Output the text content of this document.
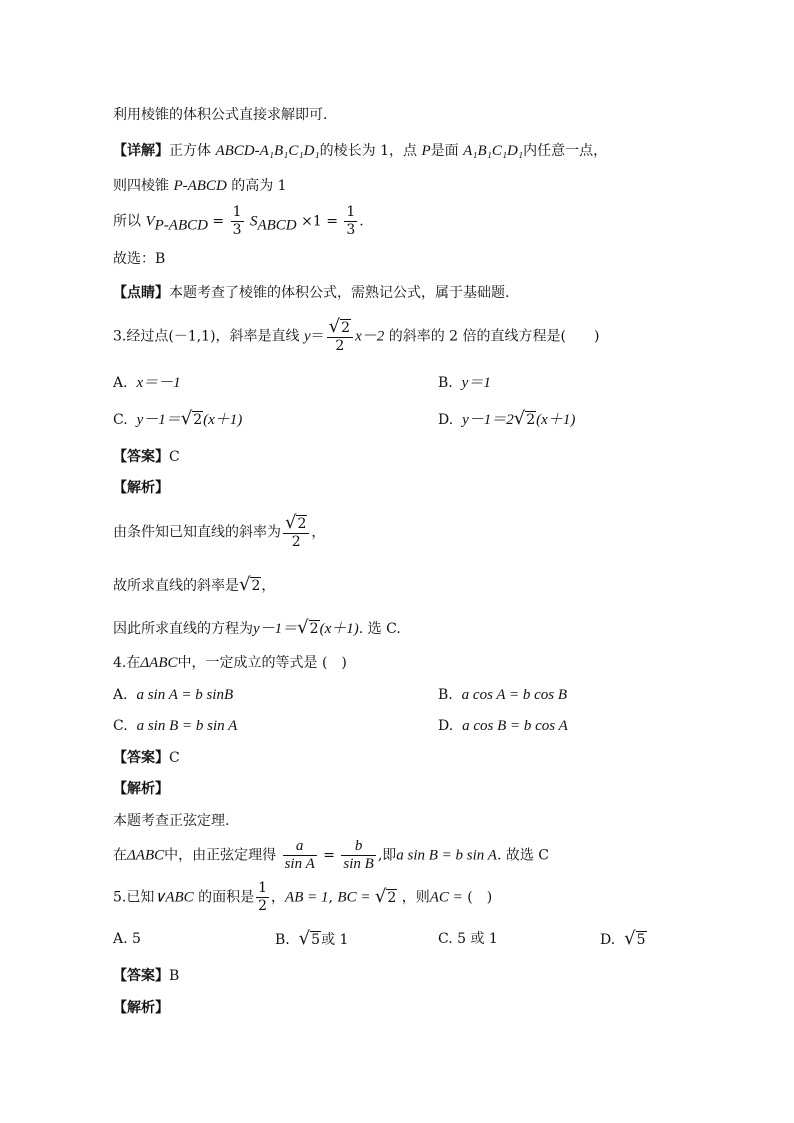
利用棱锥的体积公式直接求解即可.
【详解】正方体 ABCD-A₁B₁C₁D₁的棱长为 1，点 P是面 A₁B₁C₁D₁内任意一点，
则四棱锥 P-ABCD 的高为 1
所以 $V_{P-ABCD} = \frac{1}{3} S_{ABCD} \times 1 = \frac{1}{3}$ .
故选：B
【点睛】本题考查了棱锥的体积公式，需熟记公式，属于基础题.
3.经过点(－1,1)，斜率是直线 $y= \frac{√2}{2} x-2$ 的斜率的 2 倍的直线方程是(　　)
A. x＝－1	B. y＝1
C. y－1＝√2(x＋1)	D. y－1＝2√2(x＋1)
【答案】C
【解析】
由条件知已知直线的斜率为 $\frac{√2}{2}$ ，
故所求直线的斜率是√2，
因此所求直线的方程为y－1＝√2(x＋1). 选 C.
4.在ΔABC中，一定成立的等式是 (　)
A. a sin A = b sinB	B. a cos A = b cos B
C. a sin B = b sin A	D. a cos B = b cos A
【答案】C
【解析】
本题考查正弦定理.
在ΔABC中，由正弦定理得 $\frac{a}{\text{sin A}} = \frac{b}{\text{sin B}}$ ,即a sin B = b sin A. 故选 C
5.已知∨ABC 的面积是 $\frac{1}{2}$ ，AB = 1, BC = √2 ，则AC = (　)
A. 5	B. √5或 1	C. 5 或 1	D. √5
【答案】B
【解析】
